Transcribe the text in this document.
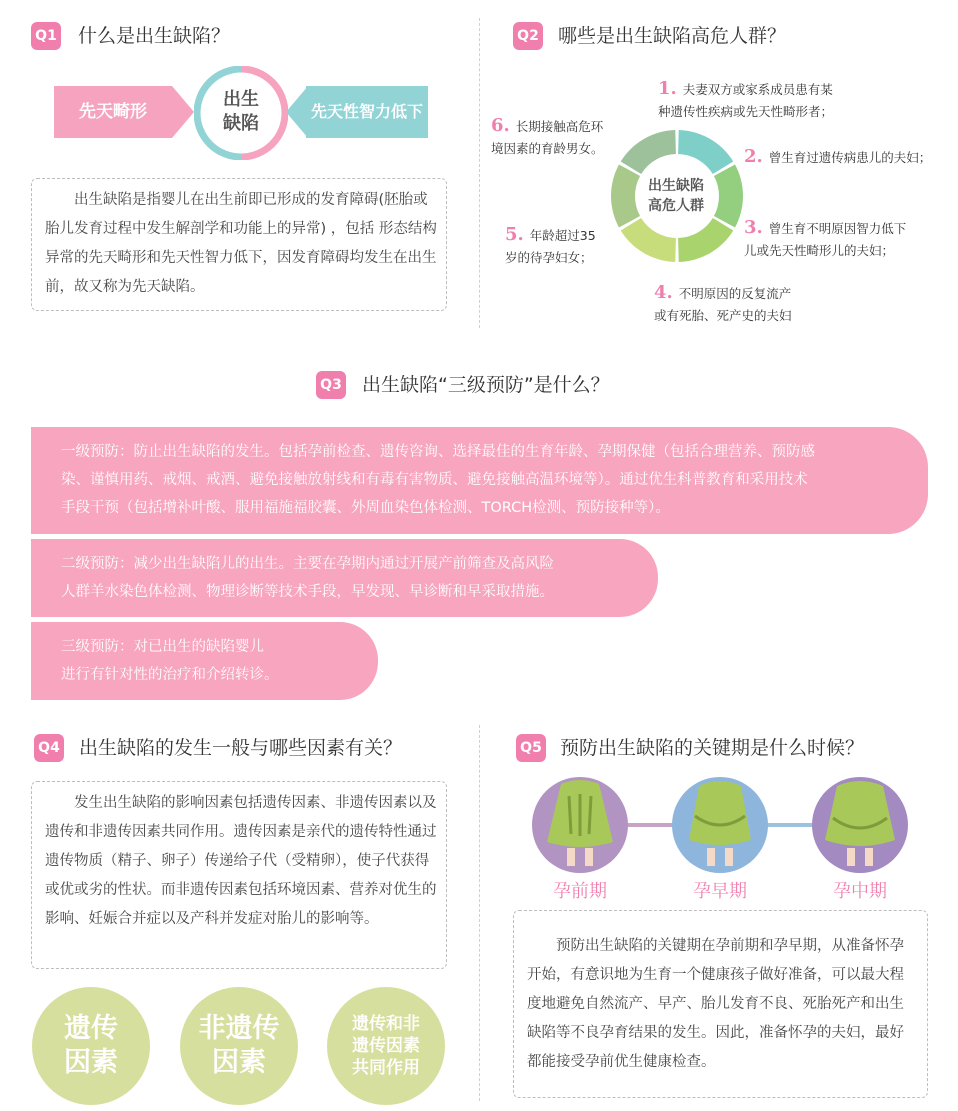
Q1 什么是出生缺陷？
先天畸形	先天性智力低下
出生
缺陷
出生缺陷是指婴儿在出生前即已形成的发育障碍(胚胎或胎儿发育过程中发生解剖学和功能上的异常) ，包括 形态结构异常的先天畸形和先天性智力低下，因发育障碍均发生在出生前，故又称为先天缺陷。
Q2 哪些是出生缺陷高危人群？
出生缺陷
高危人群
1. 夫妻双方或家系成员患有某
种遗传性疾病或先天性畸形者；
2. 曾生育过遗传病患儿的夫妇；
3. 曾生育不明原因智力低下
儿或先天性畸形儿的夫妇；
4. 不明原因的反复流产
或有死胎、死产史的夫妇
5. 年龄超过35
岁的待孕妇女；
6. 长期接触高危环
境因素的育龄男女。
Q3 出生缺陷“三级预防”是什么？
一级预防：防止出生缺陷的发生。包括孕前检查、遗传咨询、选择最佳的生育年龄、孕期保健（包括合理营养、预防感
染、谨慎用药、戒烟、戒酒、避免接触放射线和有毒有害物质、避免接触高温环境等）。通过优生科普教育和采用技术
手段干预（包括增补叶酸、服用福施福胶囊、外周血染色体检测、TORCH检测、预防接种等）。
二级预防：减少出生缺陷儿的出生。主要在孕期内通过开展产前筛查及高风险
人群羊水染色体检测、物理诊断等技术手段，早发现、早诊断和早采取措施。
三级预防：对已出生的缺陷婴儿
进行有针对性的治疗和介绍转诊。
Q4 出生缺陷的发生一般与哪些因素有关？
发生出生缺陷的影响因素包括遗传因素、非遗传因素以及遗传和非遗传因素共同作用。遗传因素是亲代的遗传特性通过遗传物质（精子、卵子）传递给子代（受精卵），使子代获得或优或劣的性状。而非遗传因素包括环境因素、营养对优生的影响、妊娠合并症以及产科并发症对胎儿的影响等。
遗传
因素
非遗传
因素
遗传和非
遗传因素
共同作用
Q5 预防出生缺陷的关键期是什么时候？
孕前期	孕早期	孕中期
预防出生缺陷的关键期在孕前期和孕早期，从准备怀孕开始，有意识地为生育一个健康孩子做好准备，可以最大程度地避免自然流产、早产、胎儿发育不良、死胎死产和出生缺陷等不良孕育结果的发生。因此，准备怀孕的夫妇，最好都能接受孕前优生健康检查。
